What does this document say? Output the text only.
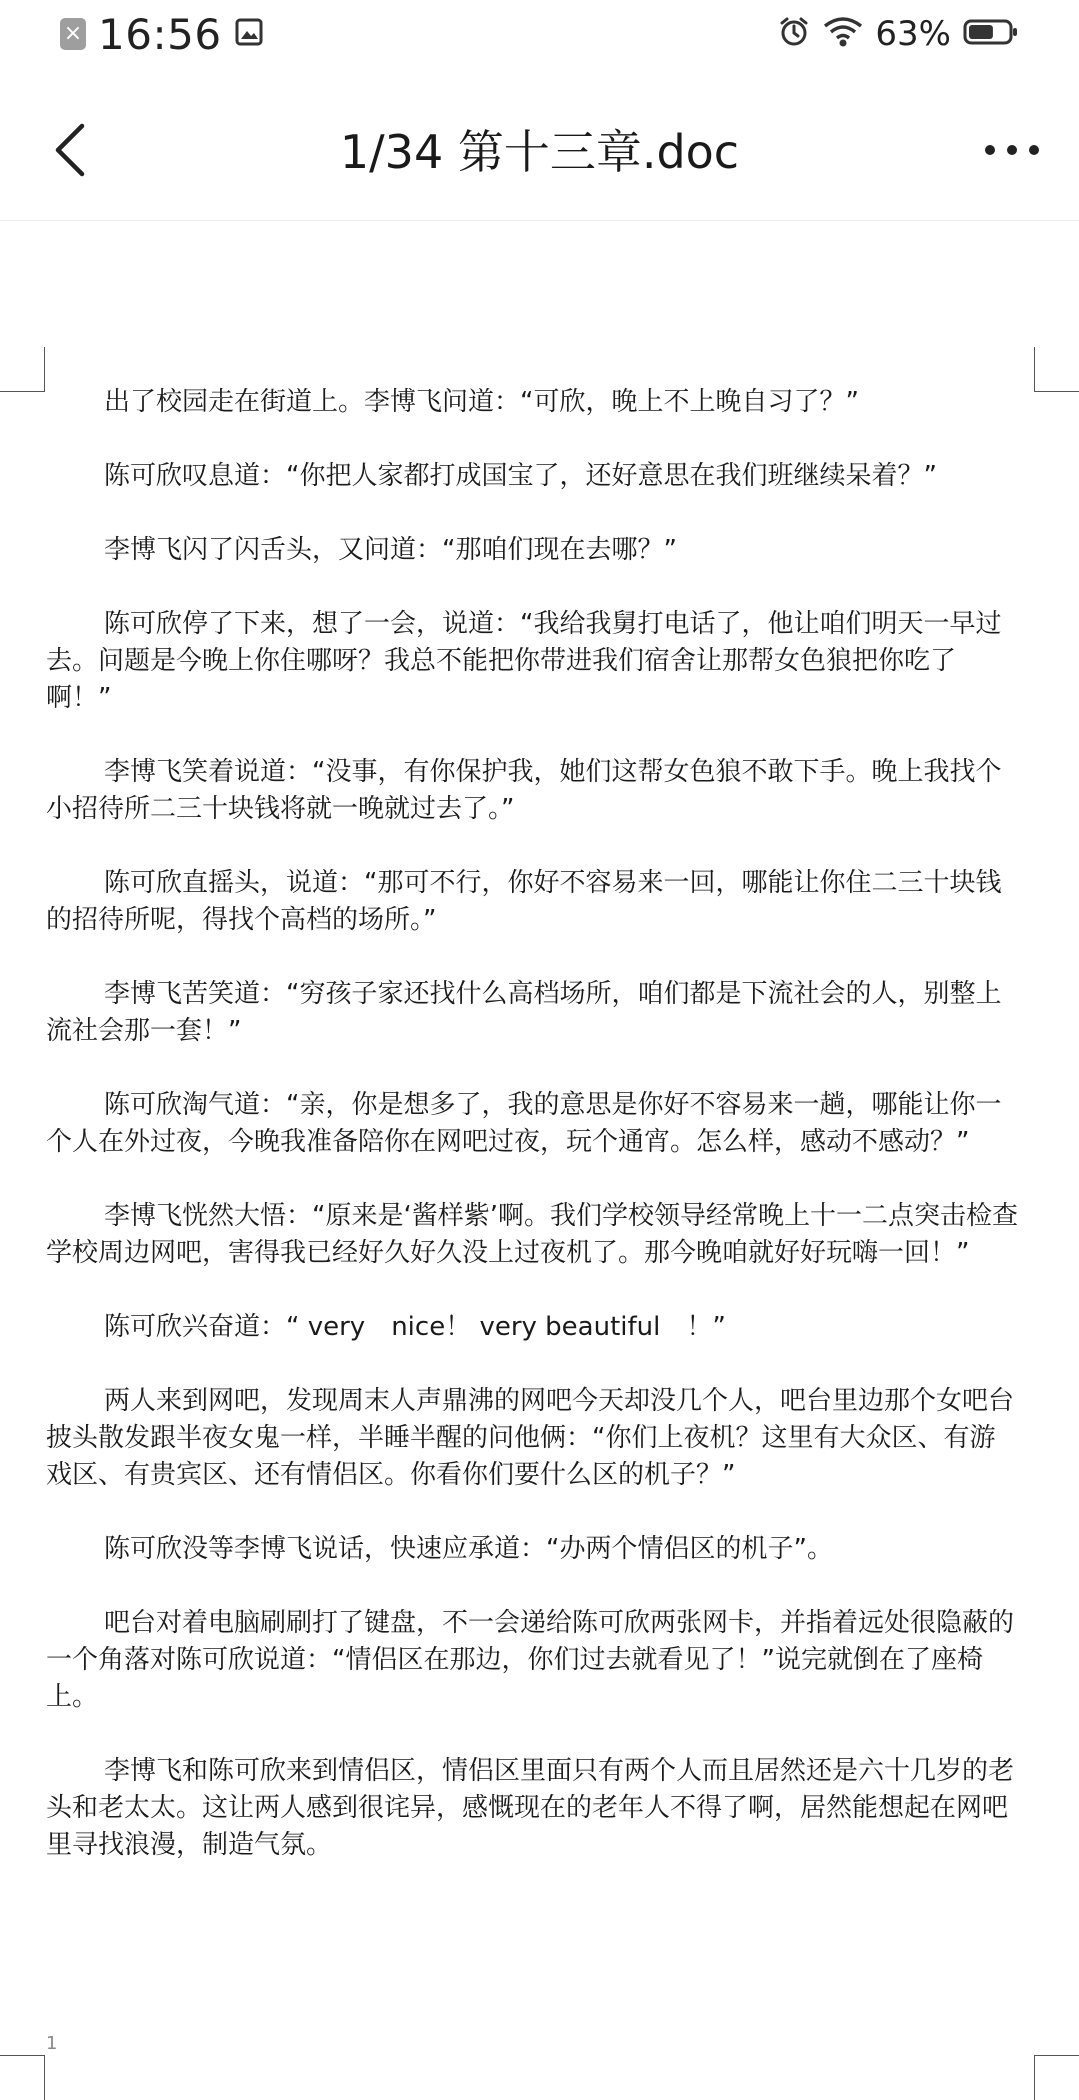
× 16:56	63%
1/34 第十三章.doc

出了校园走在街道上。李博飞问道：“可欣，晚上不上晚自习了？”

陈可欣叹息道：“你把人家都打成国宝了，还好意思在我们班继续呆着？”

李博飞闪了闪舌头，又问道：“那咱们现在去哪？”

陈可欣停了下来，想了一会，说道：“我给我舅打电话了，他让咱们明天一早过去。问题是今晚上你住哪呀？我总不能把你带进我们宿舍让那帮女色狼把你吃了啊！”

李博飞笑着说道：“没事，有你保护我，她们这帮女色狼不敢下手。晚上我找个小招待所二三十块钱将就一晚就过去了。”

陈可欣直摇头，说道：“那可不行，你好不容易来一回，哪能让你住二三十块钱的招待所呢，得找个高档的场所。”

李博飞苦笑道：“穷孩子家还找什么高档场所，咱们都是下流社会的人，别整上流社会那一套！”

陈可欣淘气道：“亲，你是想多了，我的意思是你好不容易来一趟，哪能让你一个人在外过夜，今晚我准备陪你在网吧过夜，玩个通宵。怎么样，感动不感动？”

李博飞恍然大悟：“原来是‘酱样紫’啊。我们学校领导经常晚上十一二点突击检查学校周边网吧，害得我已经好久好久没上过夜机了。那今晚咱就好好玩嗨一回！”

陈可欣兴奋道：“ very　nice！ very beautiful　！”

两人来到网吧，发现周末人声鼎沸的网吧今天却没几个人，吧台里边那个女吧台披头散发跟半夜女鬼一样，半睡半醒的问他俩：“你们上夜机？这里有大众区、有游戏区、有贵宾区、还有情侣区。你看你们要什么区的机子？”

陈可欣没等李博飞说话，快速应承道：“办两个情侣区的机子”。

吧台对着电脑刷刷打了键盘，不一会递给陈可欣两张网卡，并指着远处很隐蔽的一个角落对陈可欣说道：“情侣区在那边，你们过去就看见了！”说完就倒在了座椅上。

李博飞和陈可欣来到情侣区，情侣区里面只有两个人而且居然还是六十几岁的老头和老太太。这让两人感到很诧异，感慨现在的老年人不得了啊，居然能想起在网吧里寻找浪漫，制造气氛。

1
